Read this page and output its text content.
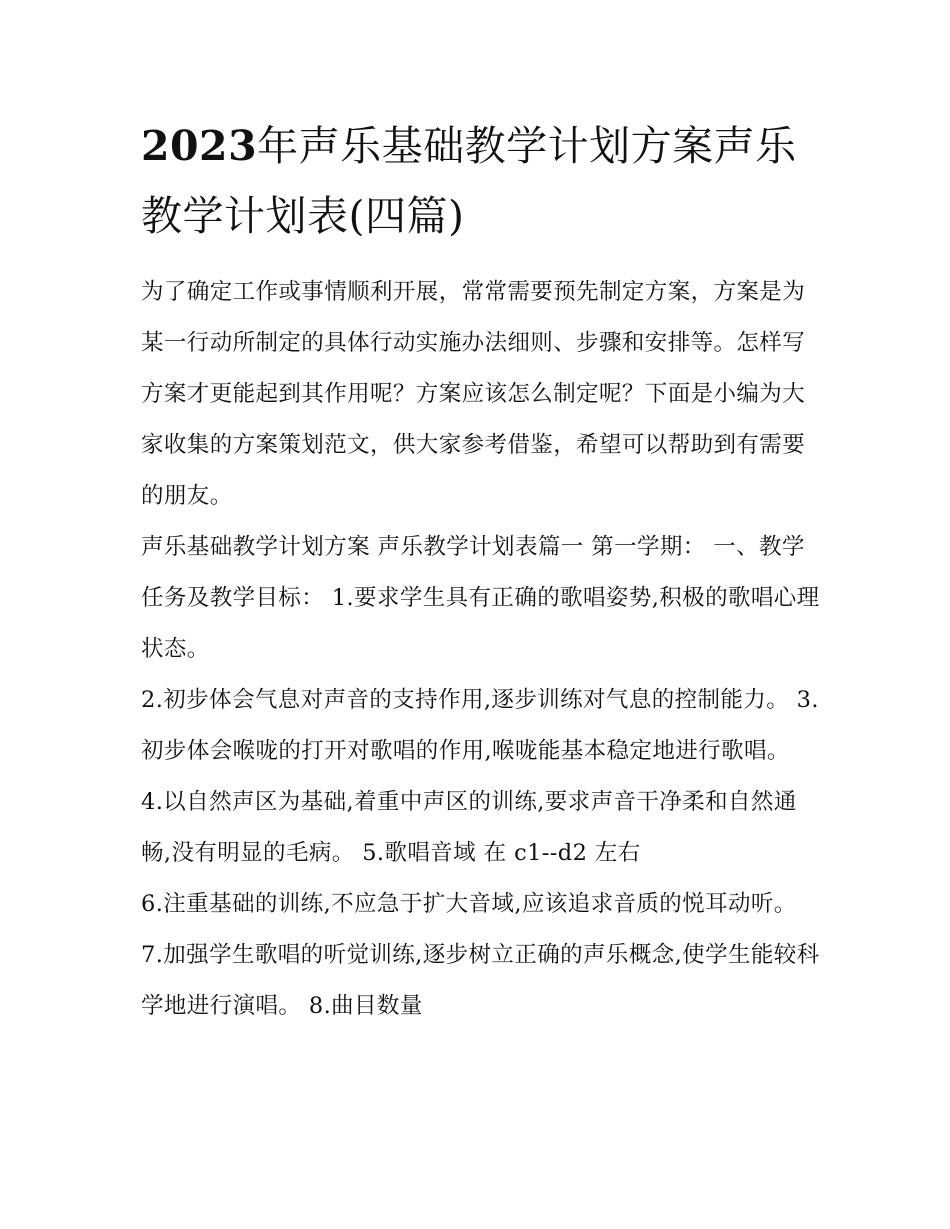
2023年声乐基础教学计划方案声乐教学计划表(四篇)

为了确定工作或事情顺利开展，常常需要预先制定方案，方案是为某一行动所制定的具体行动实施办法细则、步骤和安排等。怎样写方案才更能起到其作用呢？方案应该怎么制定呢？下面是小编为大家收集的方案策划范文，供大家参考借鉴，希望可以帮助到有需要的朋友。

声乐基础教学计划方案 声乐教学计划表篇一 第一学期： 一、教学任务及教学目标： 1.要求学生具有正确的歌唱姿势,积极的歌唱心理状态。

2.初步体会气息对声音的支持作用,逐步训练对气息的控制能力。 3.初步体会喉咙的打开对歌唱的作用,喉咙能基本稳定地进行歌唱。

4.以自然声区为基础,着重中声区的训练,要求声音干净柔和自然通畅,没有明显的毛病。 5.歌唱音域 在 c1--d2 左右

6.注重基础的训练,不应急于扩大音域,应该追求音质的悦耳动听。 7.加强学生歌唱的听觉训练,逐步树立正确的声乐概念,使学生能较科学地进行演唱。 8.曲目数量
